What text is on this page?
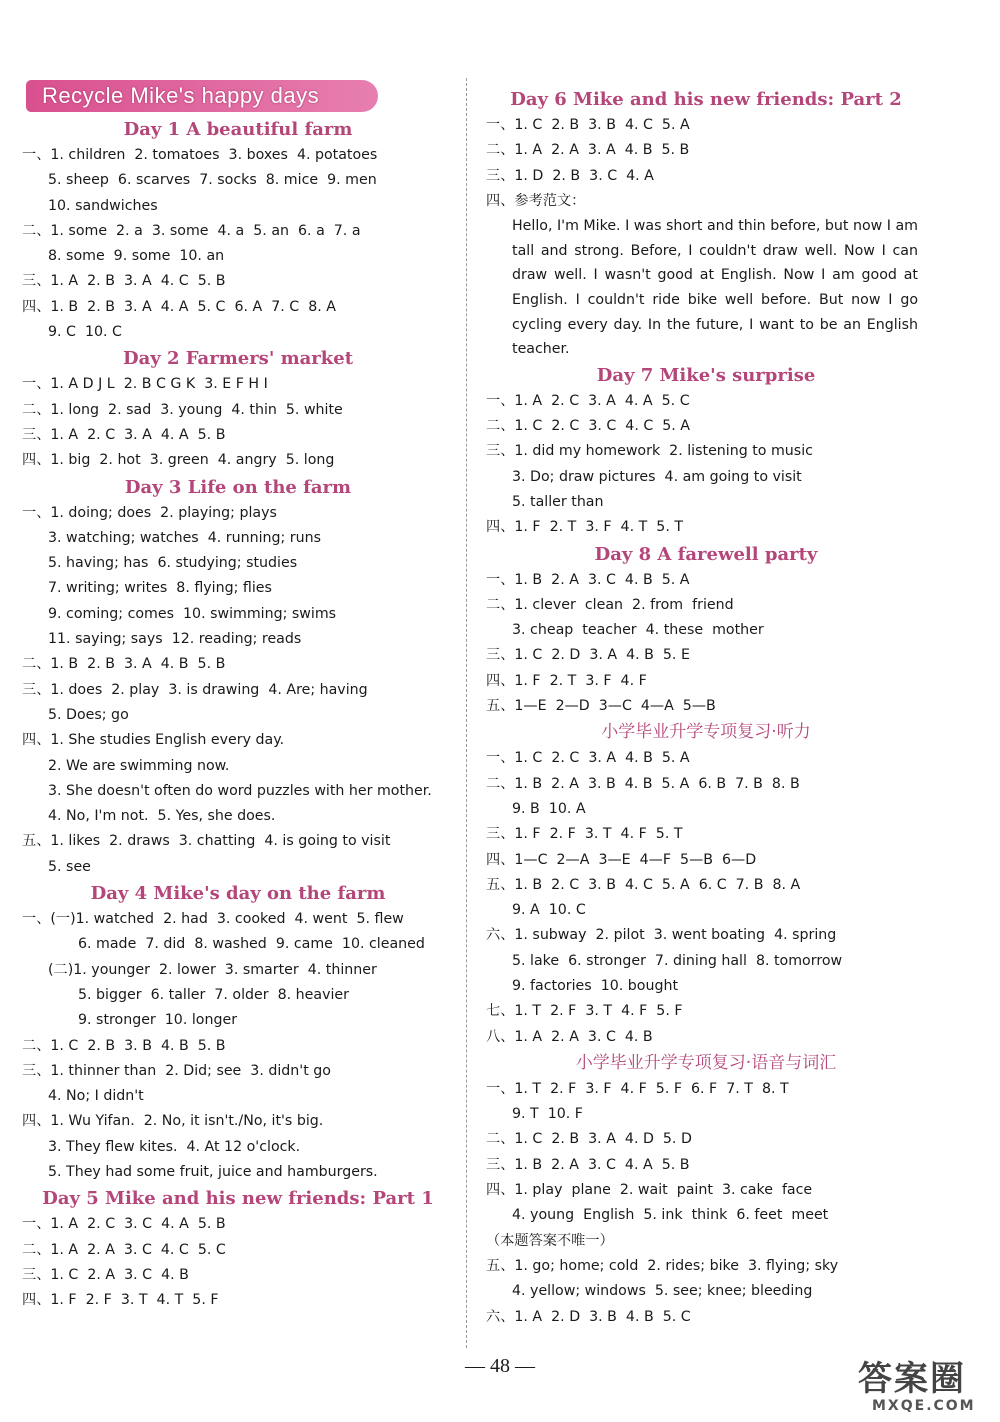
Recycle Mike's happy days
Day 1 A beautiful farm
一、1. children  2. tomatoes  3. boxes  4. potatoes
5. sheep  6. scarves  7. socks  8. mice  9. men
10. sandwiches
二、1. some  2. a  3. some  4. a  5. an  6. a  7. a
8. some  9. some  10. an
三、1. A  2. B  3. A  4. C  5. B
四、1. B  2. B  3. A  4. A  5. C  6. A  7. C  8. A
9. C  10. C
Day 2 Farmers' market
一、1. A D J L  2. B C G K  3. E F H I
二、1. long  2. sad  3. young  4. thin  5. white
三、1. A  2. C  3. A  4. A  5. B
四、1. big  2. hot  3. green  4. angry  5. long
Day 3 Life on the farm
一、1. doing; does  2. playing; plays
3. watching; watches  4. running; runs
5. having; has  6. studying; studies
7. writing; writes  8. flying; flies
9. coming; comes  10. swimming; swims
11. saying; says  12. reading; reads
二、1. B  2. B  3. A  4. B  5. B
三、1. does  2. play  3. is drawing  4. Are; having
5. Does; go
四、1. She studies English every day.
2. We are swimming now.
3. She doesn't often do word puzzles with her mother.
4. No, I'm not.  5. Yes, she does.
五、1. likes  2. draws  3. chatting  4. is going to visit
5. see
Day 4 Mike's day on the farm
一、(一)1. watched  2. had  3. cooked  4. went  5. flew
6. made  7. did  8. washed  9. came  10. cleaned
(二)1. younger  2. lower  3. smarter  4. thinner
5. bigger  6. taller  7. older  8. heavier
9. stronger  10. longer
二、1. C  2. B  3. B  4. B  5. B
三、1. thinner than  2. Did; see  3. didn't go
4. No; I didn't
四、1. Wu Yifan.  2. No, it isn't./No, it's big.
3. They flew kites.  4. At 12 o'clock.
5. They had some fruit, juice and hamburgers.
Day 5 Mike and his new friends: Part 1
一、1. A  2. C  3. C  4. A  5. B
二、1. A  2. A  3. C  4. C  5. C
三、1. C  2. A  3. C  4. B
四、1. F  2. F  3. T  4. T  5. F
Day 6 Mike and his new friends: Part 2
一、1. C  2. B  3. B  4. C  5. A
二、1. A  2. A  3. A  4. B  5. B
三、1. D  2. B  3. C  4. A
四、参考范文：
Hello, I'm Mike. I was short and thin before, but now I am tall and strong. Before, I couldn't draw well. Now I can draw well. I wasn't good at English. Now I am good at English. I couldn't ride bike well before. But now I go cycling every day. In the future, I want to be an English teacher.
Day 7 Mike's surprise
一、1. A  2. C  3. A  4. A  5. C
二、1. C  2. C  3. C  4. C  5. A
三、1. did my homework  2. listening to music
3. Do; draw pictures  4. am going to visit
5. taller than
四、1. F  2. T  3. F  4. T  5. T
Day 8 A farewell party
一、1. B  2. A  3. C  4. B  5. A
二、1. clever  clean  2. from  friend
3. cheap  teacher  4. these  mother
三、1. C  2. D  3. A  4. B  5. E
四、1. F  2. T  3. F  4. F
五、1—E  2—D  3—C  4—A  5—B
小学毕业升学专项复习·听力
一、1. C  2. C  3. A  4. B  5. A
二、1. B  2. A  3. B  4. B  5. A  6. B  7. B  8. B
9. B  10. A
三、1. F  2. F  3. T  4. F  5. T
四、1—C  2—A  3—E  4—F  5—B  6—D
五、1. B  2. C  3. B  4. C  5. A  6. C  7. B  8. A
9. A  10. C
六、1. subway  2. pilot  3. went boating  4. spring
5. lake  6. stronger  7. dining hall  8. tomorrow
9. factories  10. bought
七、1. T  2. F  3. T  4. F  5. F
八、1. A  2. A  3. C  4. B
小学毕业升学专项复习·语音与词汇
一、1. T  2. F  3. F  4. F  5. F  6. F  7. T  8. T
9. T  10. F
二、1. C  2. B  3. A  4. D  5. D
三、1. B  2. A  3. C  4. A  5. B
四、1. play  plane  2. wait  paint  3. cake  face
4. young  English  5. ink  think  6. feet  meet
（本题答案不唯一）
五、1. go; home; cold  2. rides; bike  3. flying; sky
4. yellow; windows  5. see; knee; bleeding
六、1. A  2. D  3. B  4. B  5. C
— 48 —	答案圈
MXQE.COM
